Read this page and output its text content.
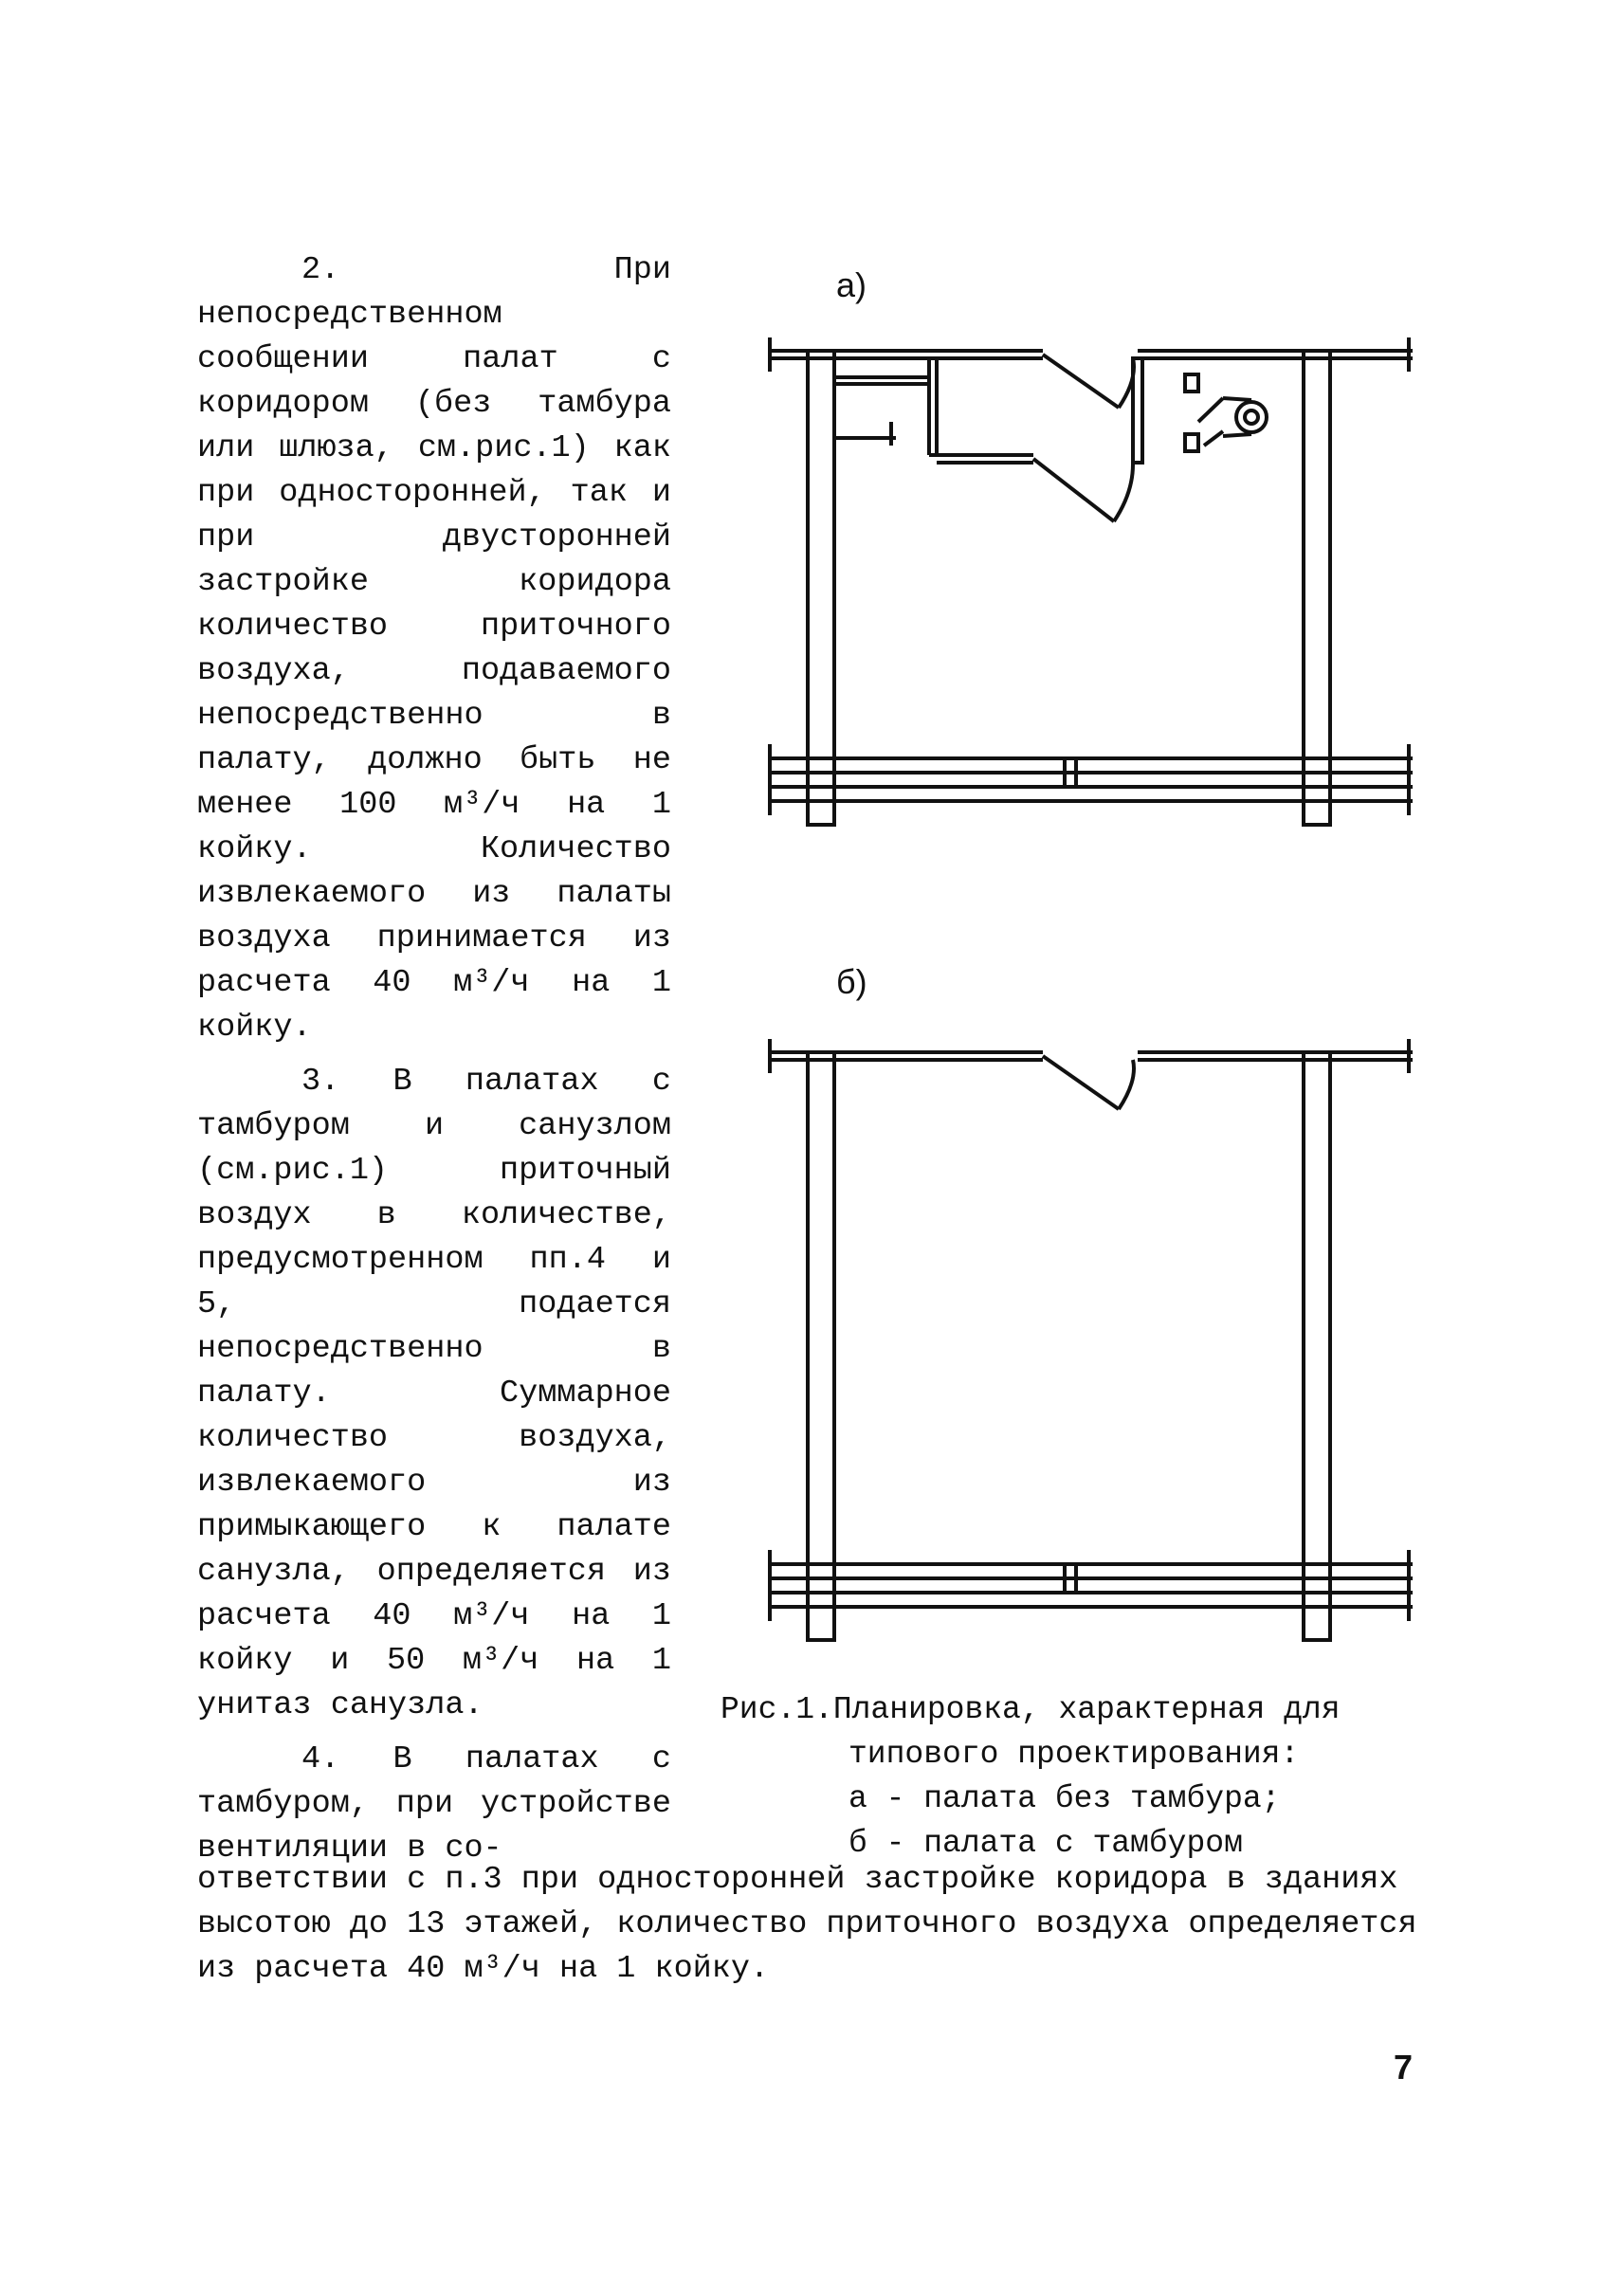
2. При непосредственном сообщении палат с коридором (без тамбура или шлюза, см.рис.1) как при односторонней, так и при двусторонней застройке коридора количество приточного воздуха, подаваемого непосредственно в палату, должно быть не менее 100 м³/ч на 1 койку. Количество извлекаемого из палаты воздуха принимается из расчета 40 м³/ч на 1 койку.

3. В палатах с тамбуром и санузлом (см.рис.1) приточный воздух в количестве, предусмотренном пп.4 и 5, подается непосредственно в палату. Суммарное количество воздуха, извлекаемого из примыкающего к палате санузла, определяется из расчета 40 м³/ч на 1 койку и 50 м³/ч на 1 унитаз санузла.

4. В палатах с тамбуром, при устройстве вентиляции в со-

ответствии с п.3 при односторонней застройке коридора в зданиях высотою до 13 этажей, количество приточного воздуха определяется из расчета 40 м³/ч на 1 койку.
а)
б)
Рис.1.Планировка, характерная для
типового проектирования:
а - палата без тамбура;
б - палата с тамбуром
7
